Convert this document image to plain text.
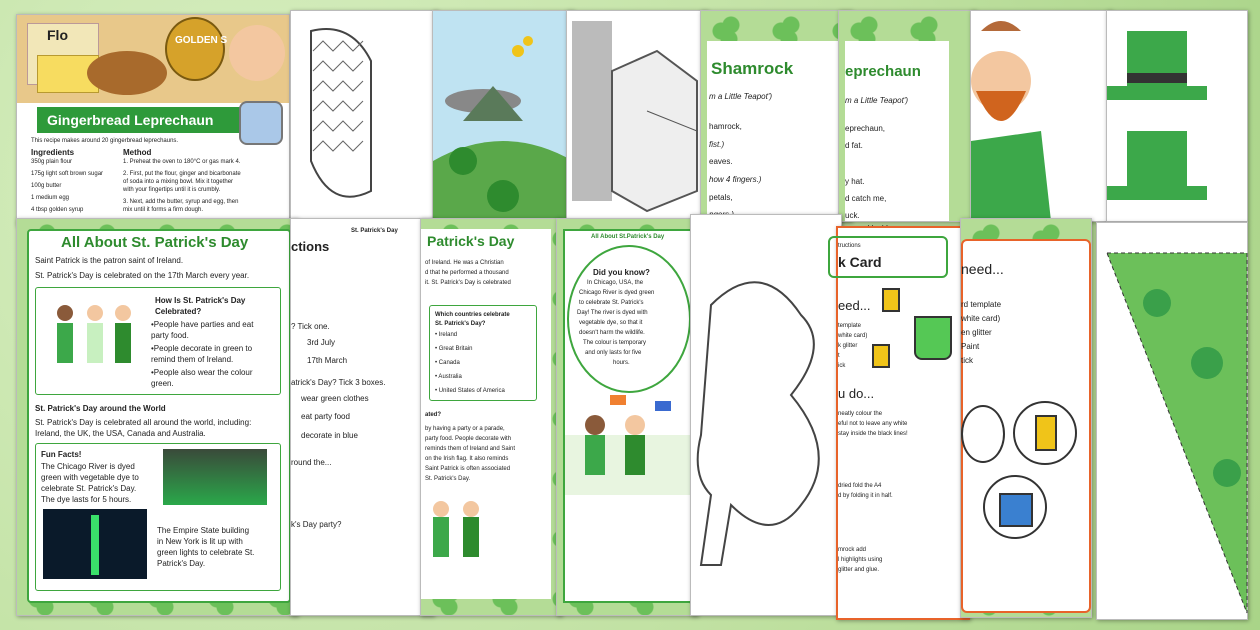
Flo	GOLDEN S
Gingerbread Leprechaun
This recipe makes around 20 gingerbread leprechauns.
Ingredients	Method
350g plain flour
175g light soft brown sugar
100g butter
1 medium egg
4 tbsp golden syrup
1. Preheat the oven to 180°C or gas mark 4.
2. First, put the flour, ginger and bicarbonate
of soda into a mixing bowl. Mix it together
with your fingertips until it is crumbly.
3. Next, add the butter, syrup and egg, then
mix until it forms a firm dough.
Shamrock
m a Little Teapot')
hamrock,
fist.)
eaves.
how 4 fingers.)
petals,
eprechaun
m a Little Teapot')
eprechaun,
d fat.
y hat.
d catch me,
uck.
All About St. Patrick's Day
Saint Patrick is the patron saint of Ireland.
St. Patrick's Day is celebrated on the 17th March every year.
How Is St. Patrick's Day
Celebrated?
•People have parties and eat
party food.
•People decorate in green to
remind them of Ireland.
•People also wear the colour
green.
St. Patrick's Day around the World
St. Patrick's Day is celebrated all around the world, including:
Ireland, the UK, the USA, Canada and Australia.
Fun Facts!
The Chicago River is dyed
green with vegetable dye to
celebrate St. Patrick's Day.
The dye lasts for 5 hours.
The Empire State building
in New York is lit up with
green lights to celebrate St.
Patrick's Day.
St. Patrick's Day
ctions
? Tick one.
3rd July
17th March
atrick's Day? Tick 3 boxes.
wear green clothes
eat party food
decorate in blue
round the...
k's Day party?
Patrick's Day
of Ireland. He was a Christian
d that he performed a thousand
it. St. Patrick's Day is celebrated
Which countries celebrate
St. Patrick's Day?
• Ireland
• Great Britain
• Canada
• Australia
• United States of America
ated?
by having a party or a parade,
party food. People decorate with
reminds them of Ireland and Saint
on the Irish flag. It also reminds
Saint Patrick is often associated
St. Patrick's Day.
All About St.Patrick's Day
Did you know?
In Chicago, USA, the
Chicago River is dyed green
to celebrate St. Patrick's
Day! The river is dyed with
vegetable dye, so that it
doesn't harm the wildlife.
The colour is temporary
and only lasts for five
hours.
tructions
k Card
eed...
template
white card)
k glitter
t
ick
u do...
neatly colour the
eful not to leave any white
stay inside the black lines!
dried fold the A4
d by folding it in half.
mrock add
l highlights using
glitter and glue.
need...
rd template
white card)
en glitter
Paint
tick
